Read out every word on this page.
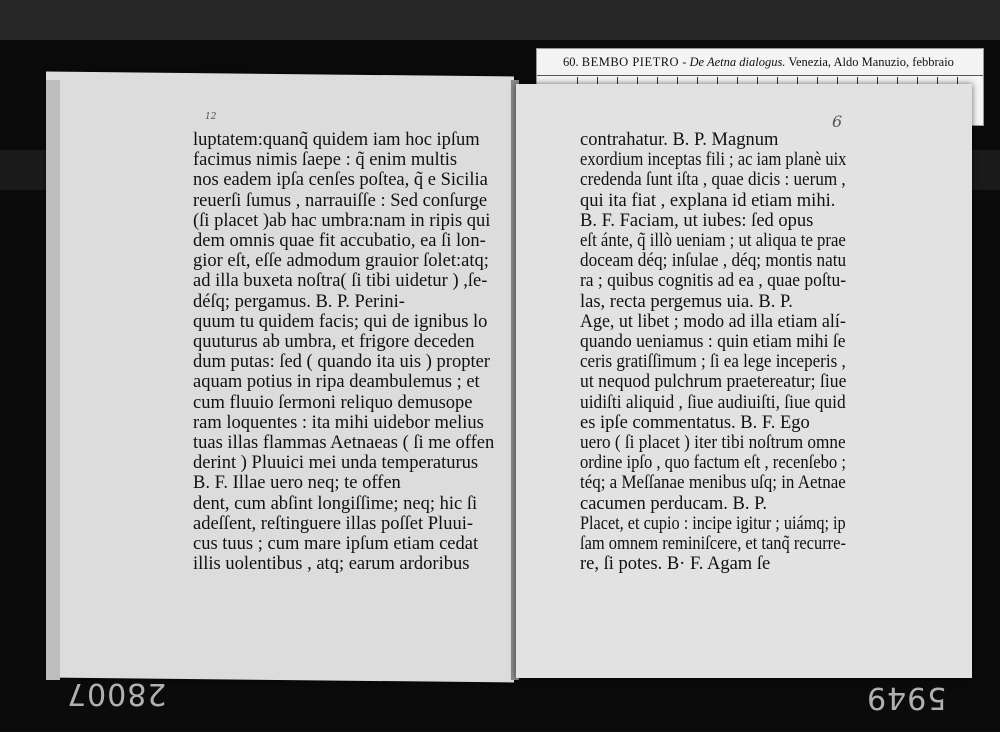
60. BEMBO PIETRO - De Aetna dialogus. Venezia, Aldo Manuzio, febbraio
12	6
luptatem:quanq̃ quidem iam hoc ipſum
facimus nimis ſaepe : q̃ enim multis
nos eadem ipſa cenſes poſtea, q̃ e Sicilia
reuerſi ſumus , narrauiſſe : Sed conſurge
(ſi placet )ab hac umbra:nam in ripis qui
dem omnis quae fit accubatio, ea ſi lon-
gior eſt, eſſe admodum grauior ſolet:atq;
ad illa buxeta noſtra( ſi tibi uidetur ) ,ſe-
déſq; pergamus. B. P. Perini-
quum tu quidem facis; qui de ignibus lo
quuturus ab umbra, et frigore deceden
dum putas: ſed ( quando ita uis ) propter
aquam potius in ripa deambulemus ; et
cum fluuio ſermoni reliquo demusope
ram loquentes : ita mihi uidebor melius
tuas illas flammas Aetnaeas ( ſi me offen
derint ) Pluuici mei unda temperaturus
B. F. Illae uero neq; te offen
dent, cum abſint longiſſime; neq; hic ſi
adeſſent, reſtinguere illas poſſet Pluui-
cus tuus ; cum mare ipſum etiam cedat
illis uolentibus , atq; earum ardoribus
contrahatur. B. P. Magnum
exordium inceptas fili ; ac iam planè uix
credenda ſunt iſta , quae dicis : uerum ,
qui ita fiat , explana id etiam mihi.
B. F. Faciam, ut iubes: ſed opus
eſt ánte, q̃ illò ueniam ; ut aliqua te prae
doceam déq; inſulae , déq; montis natu
ra ; quibus cognitis ad ea , quae poſtu-
las, recta pergemus uia. B. P.
Age, ut libet ; modo ad illa etiam alí-
quando ueniamus : quin etiam mihi ſe
ceris gratiſſimum ; ſi ea lege inceperis ,
ut nequod pulchrum praetereatur; ſiue
uidiſti aliquid , ſiue audiuiſti, ſiue quid
es ipſe commentatus. B. F. Ego
uero ( ſi placet ) iter tibi noſtrum omne
ordine ipſo , quo factum eſt , recenſebo ;
téq; a Meſſanae menibus uſq; in Aetnae
cacumen perducam. B. P.
Placet, et cupio : incipe igitur ; uiámq; ip
ſam omnem reminiſcere, et tanq̃ recurre-
re, ſi potes. B· F. Agam ſe
28007	5949
